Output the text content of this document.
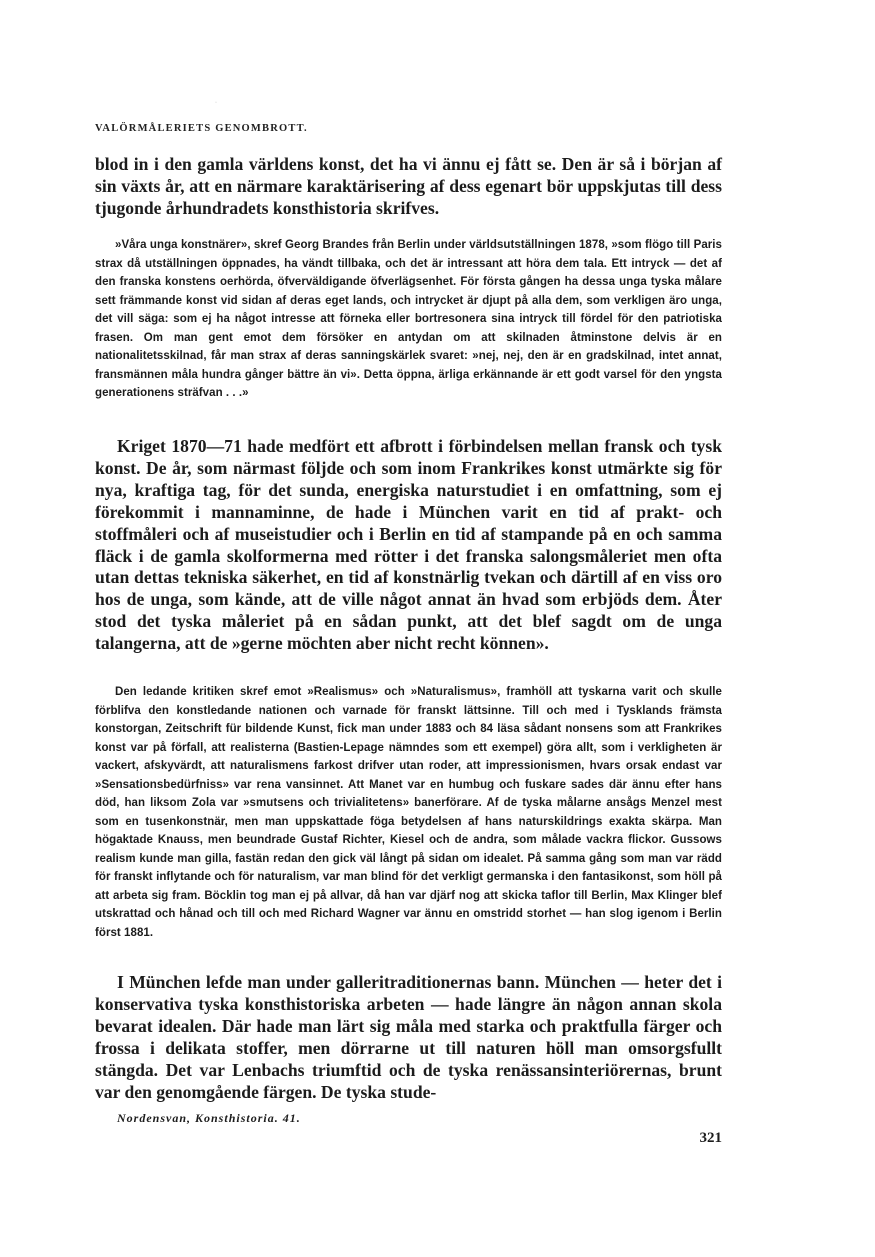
·
VALÖRMÅLERIETS GENOMBROTT.

blod in i den gamla världens konst, det ha vi ännu ej fått se. Den är så i början af sin växts år, att en närmare karaktärisering af dess egenart bör uppskjutas till dess tjugonde århundradets konsthistoria skrifves.

»Våra unga konstnärer», skref Georg Brandes från Berlin under världsutställningen 1878, »som flögo till Paris strax då utställningen öppnades, ha vändt tillbaka, och det är intressant att höra dem tala. Ett intryck — det af den franska konstens oerhörda, öfverväldigande öfverlägsenhet. För första gången ha dessa unga tyska målare sett främmande konst vid sidan af deras eget lands, och intrycket är djupt på alla dem, som verkligen äro unga, det vill säga: som ej ha något intresse att förneka eller bortresonera sina intryck till fördel för den patriotiska frasen. Om man gent emot dem försöker en antydan om att skilnaden åtminstone delvis är en nationalitetsskilnad, får man strax af deras sanningskärlek svaret: »nej, nej, den är en gradskilnad, intet annat, fransmännen måla hundra gånger bättre än vi». Detta öppna, ärliga erkännande är ett godt varsel för den yngsta generationens sträfvan . . .»

Kriget 1870—71 hade medfört ett afbrott i förbindelsen mellan fransk och tysk konst. De år, som närmast följde och som inom Frankrikes konst utmärkte sig för nya, kraftiga tag, för det sunda, energiska naturstudiet i en omfattning, som ej förekommit i mannaminne, de hade i München varit en tid af prakt- och stoffmåleri och af museistudier och i Berlin en tid af stampande på en och samma fläck i de gamla skolformerna med rötter i det franska salongsmåleriet men ofta utan dettas tekniska säkerhet, en tid af konstnärlig tvekan och därtill af en viss oro hos de unga, som kände, att de ville något annat än hvad som erbjöds dem. Åter stod det tyska måleriet på en sådan punkt, att det blef sagdt om de unga talangerna, att de »gerne möchten aber nicht recht können».

Den ledande kritiken skref emot »Realismus» och »Naturalismus», framhöll att tyskarna varit och skulle förblifva den konstledande nationen och varnade för franskt lättsinne. Till och med i Tysklands främsta konstorgan, Zeitschrift für bildende Kunst, fick man under 1883 och 84 läsa sådant nonsens som att Frankrikes konst var på förfall, att realisterna (Bastien-Lepage nämndes som ett exempel) göra allt, som i verkligheten är vackert, afskyvärdt, att naturalismens farkost drifver utan roder, att impressionismen, hvars orsak endast var »Sensationsbedürfniss» var rena vansinnet. Att Manet var en humbug och fuskare sades där ännu efter hans död, han liksom Zola var »smutsens och trivialitetens» banerförare. Af de tyska målarne ansågs Menzel mest som en tusenkonstnär, men man uppskattade föga betydelsen af hans naturskildrings exakta skärpa. Man högaktade Knauss, men beundrade Gustaf Richter, Kiesel och de andra, som målade vackra flickor. Gussows realism kunde man gilla, fastän redan den gick väl långt på sidan om idealet. På samma gång som man var rädd för franskt inflytande och för naturalism, var man blind för det verkligt germanska i den fantasikonst, som höll på att arbeta sig fram. Böcklin tog man ej på allvar, då han var djärf nog att skicka taflor till Berlin, Max Klinger blef utskrattad och hånad och till och med Richard Wagner var ännu en omstridd storhet — han slog igenom i Berlin först 1881.

I München lefde man under galleritraditionernas bann. München — heter det i konservativa tyska konsthistoriska arbeten — hade längre än någon annan skola bevarat idealen. Där hade man lärt sig måla med starka och praktfulla färger och frossa i delikata stoffer, men dörrarne ut till naturen höll man omsorgsfullt stängda. Det var Lenbachs triumftid och de tyska renässansinteriörernas, brunt var den genomgående färgen. De tyska stude-

Nordensvan, Konsthistoria. 41.
321
